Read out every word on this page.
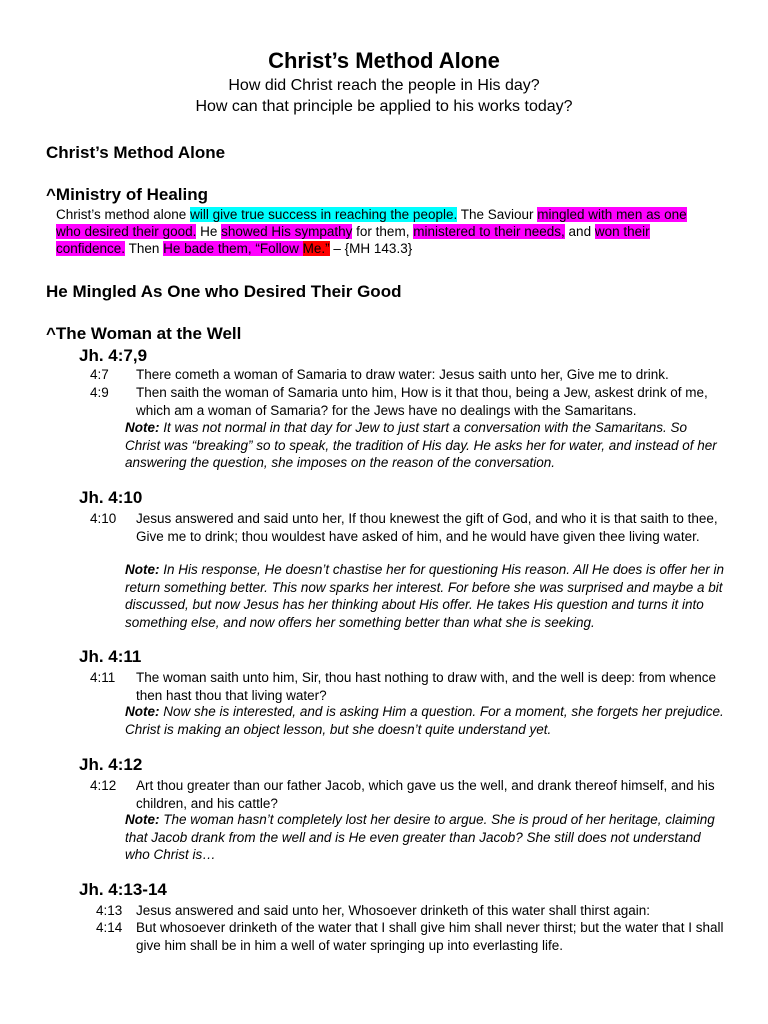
Christ’s Method Alone
How did Christ reach the people in His day?
How can that principle be applied to his works today?
Christ’s Method Alone
^Ministry of Healing
Christ’s method alone will give true success in reaching the people. The Saviour mingled with men as one who desired their good. He showed His sympathy for them, ministered to their needs, and won their confidence. Then He bade them, “Follow Me.” – {MH 143.3}
He Mingled As One who Desired Their Good
^The Woman at the Well
Jh. 4:7,9
4:7 There cometh a woman of Samaria to draw water: Jesus saith unto her, Give me to drink.
4:9 Then saith the woman of Samaria unto him, How is it that thou, being a Jew, askest drink of me, which am a woman of Samaria? for the Jews have no dealings with the Samaritans.
Note: It was not normal in that day for Jew to just start a conversation with the Samaritans. So Christ was “breaking” so to speak, the tradition of His day. He asks her for water, and instead of her answering the question, she imposes on the reason of the conversation.
Jh. 4:10
4:10 Jesus answered and said unto her, If thou knewest the gift of God, and who it is that saith to thee, Give me to drink; thou wouldest have asked of him, and he would have given thee living water.
Note: In His response, He doesn’t chastise her for questioning His reason. All He does is offer her in return something better. This now sparks her interest. For before she was surprised and maybe a bit discussed, but now Jesus has her thinking about His offer. He takes His question and turns it into something else, and now offers her something better than what she is seeking.
Jh. 4:11
4:11 The woman saith unto him, Sir, thou hast nothing to draw with, and the well is deep: from whence then hast thou that living water?
Note: Now she is interested, and is asking Him a question. For a moment, she forgets her prejudice. Christ is making an object lesson, but she doesn’t quite understand yet.
Jh. 4:12
4:12 Art thou greater than our father Jacob, which gave us the well, and drank thereof himself, and his children, and his cattle?
Note: The woman hasn’t completely lost her desire to argue. She is proud of her heritage, claiming that Jacob drank from the well and is He even greater than Jacob? She still does not understand who Christ is…
Jh. 4:13-14
4:13 Jesus answered and said unto her, Whosoever drinketh of this water shall thirst again:
4:14 But whosoever drinketh of the water that I shall give him shall never thirst; but the water that I shall give him shall be in him a well of water springing up into everlasting life.
